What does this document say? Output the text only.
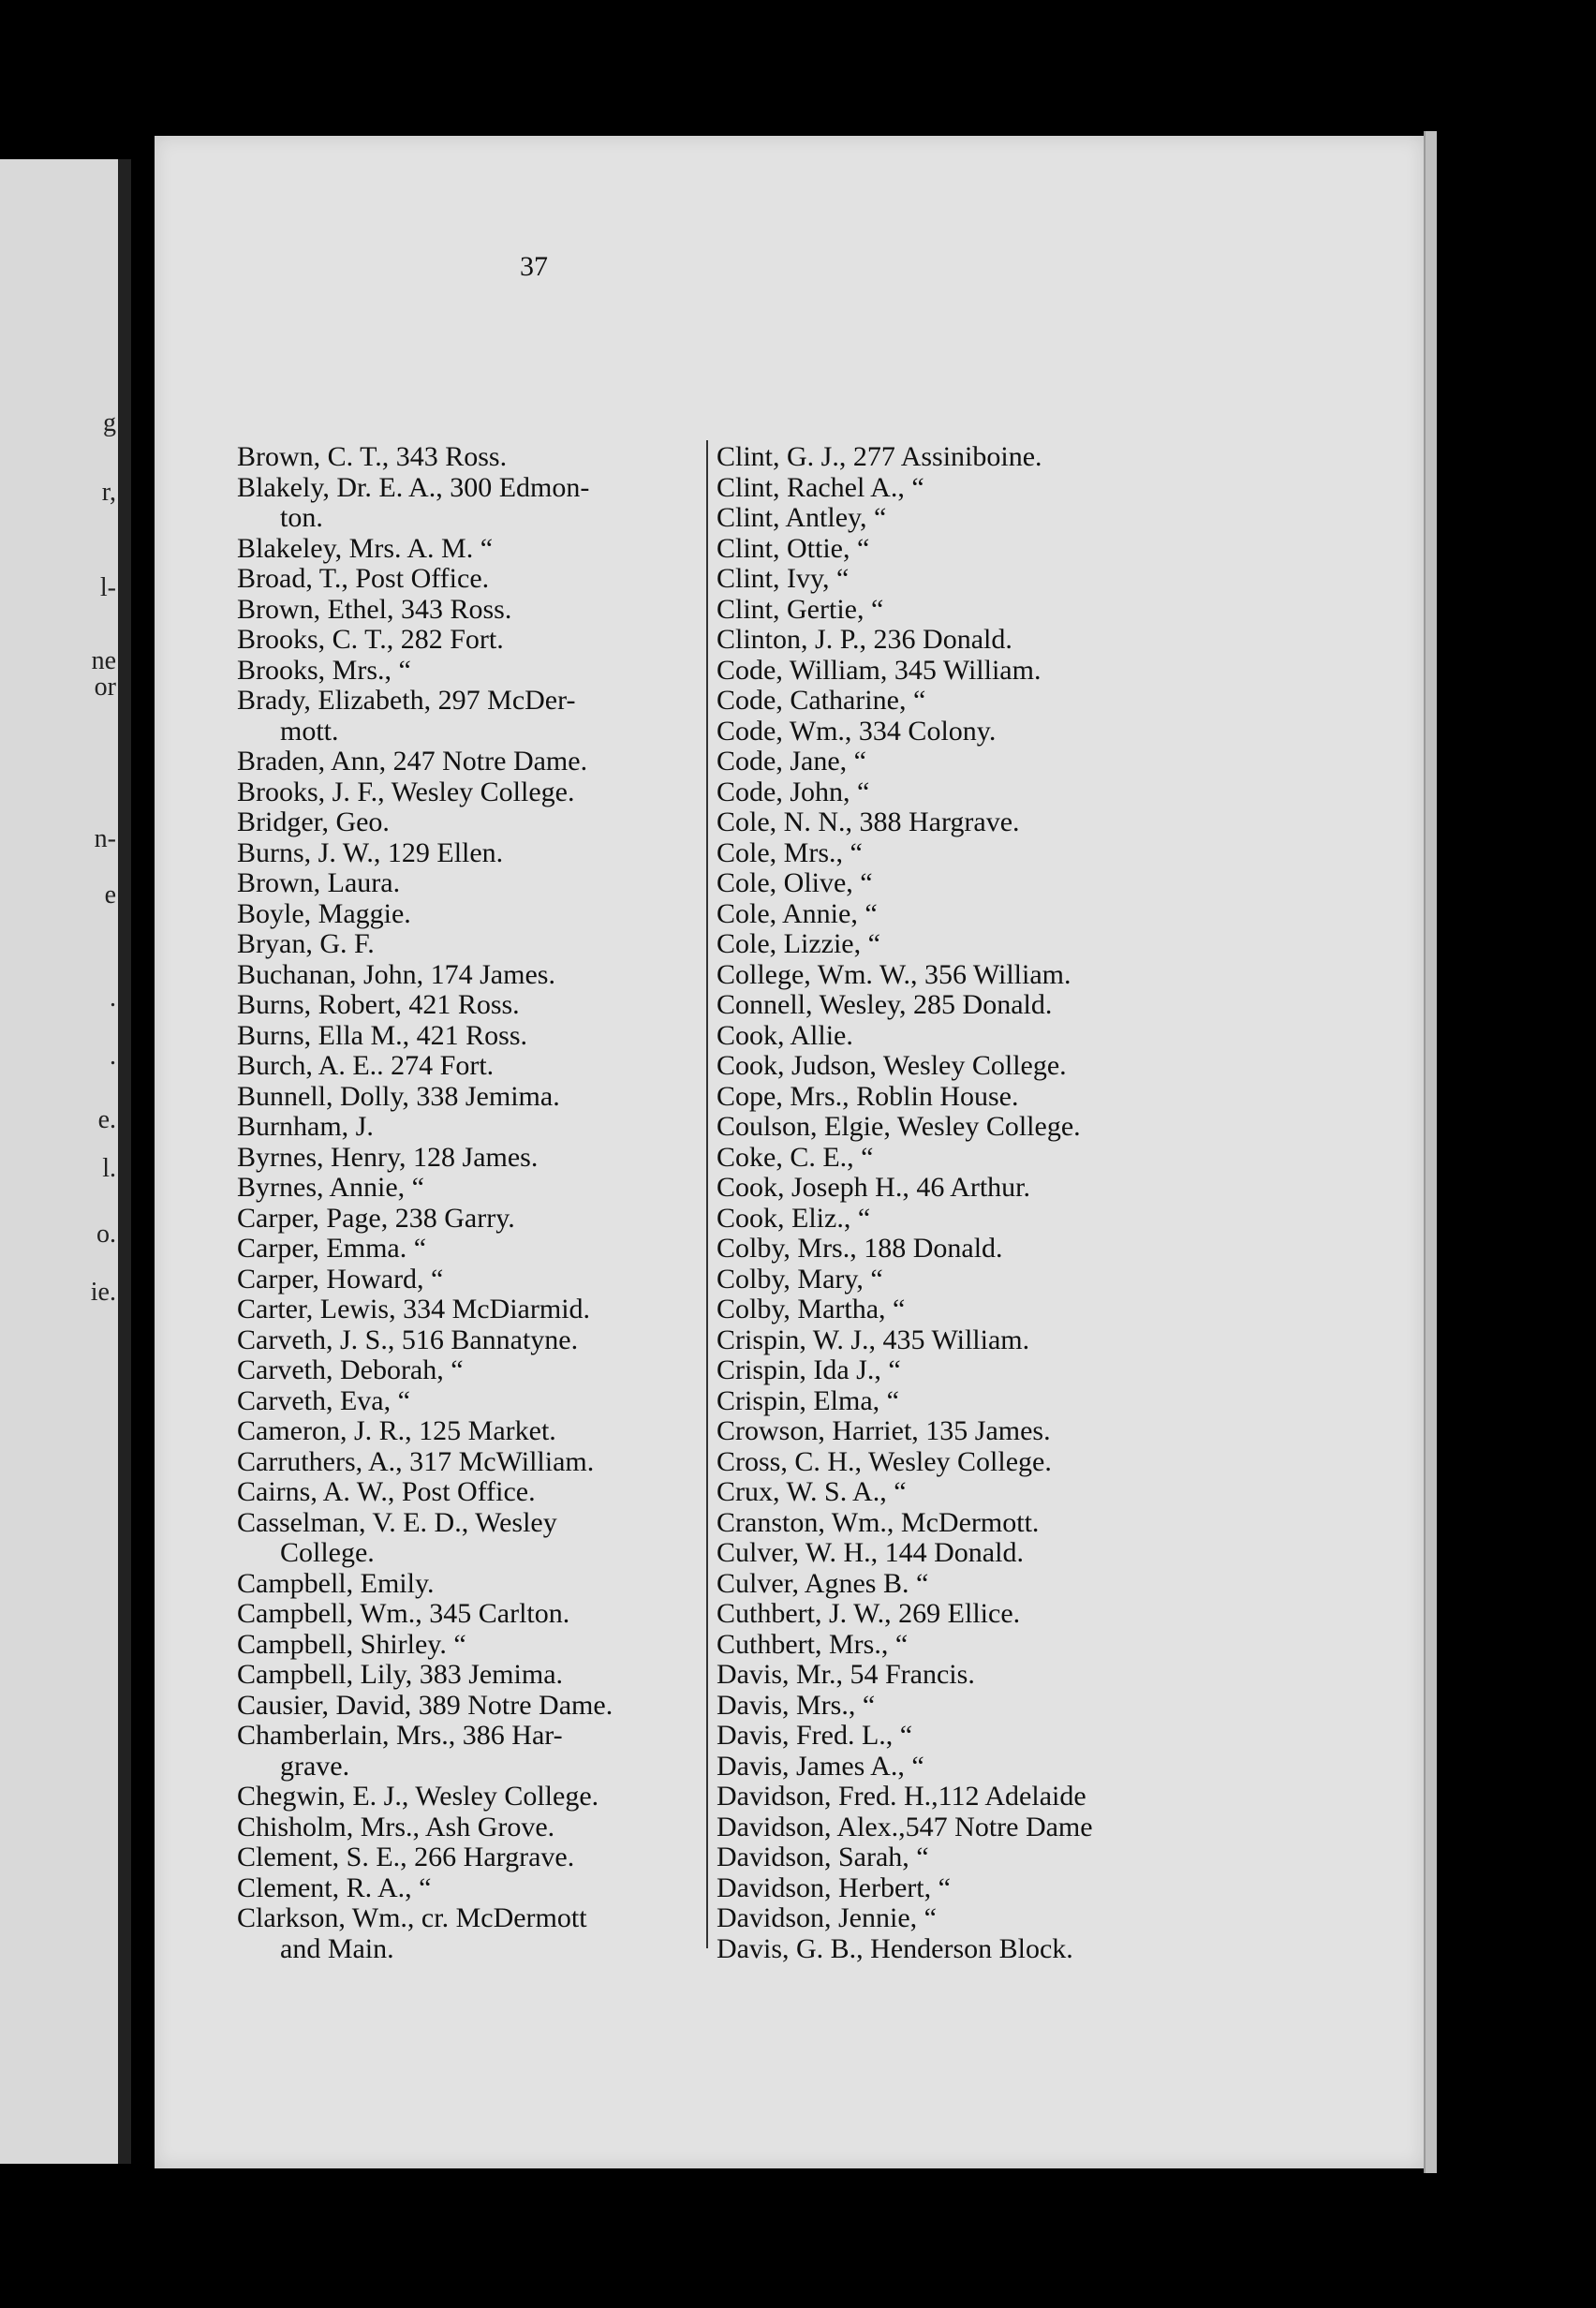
g
r,
l-
ne
or
n-
e
.
.
e.
l.
o.
ie.
37
Brown, C. T., 343 Ross.
Blakely, Dr. E. A., 300 Edmon-
ton.
Blakeley, Mrs. A. M. “
Broad, T., Post Office.
Brown, Ethel, 343 Ross.
Brooks, C. T., 282 Fort.
Brooks, Mrs., “
Brady, Elizabeth, 297 McDer-
mott.
Braden, Ann, 247 Notre Dame.
Brooks, J. F., Wesley College.
Bridger, Geo.
Burns, J. W., 129 Ellen.
Brown, Laura.
Boyle, Maggie.
Bryan, G. F.
Buchanan, John, 174 James.
Burns, Robert, 421 Ross.
Burns, Ella M., 421 Ross.
Burch, A. E.. 274 Fort.
Bunnell, Dolly, 338 Jemima.
Burnham, J.
Byrnes, Henry, 128 James.
Byrnes, Annie, “
Carper, Page, 238 Garry.
Carper, Emma. “
Carper, Howard, “
Carter, Lewis, 334 McDiarmid.
Carveth, J. S., 516 Bannatyne.
Carveth, Deborah, “
Carveth, Eva, “
Cameron, J. R., 125 Market.
Carruthers, A., 317 McWilliam.
Cairns, A. W., Post Office.
Casselman, V. E. D., Wesley
College.
Campbell, Emily.
Campbell, Wm., 345 Carlton.
Campbell, Shirley. “
Campbell, Lily, 383 Jemima.
Causier, David, 389 Notre Dame.
Chamberlain, Mrs., 386 Har-
grave.
Chegwin, E. J., Wesley College.
Chisholm, Mrs., Ash Grove.
Clement, S. E., 266 Hargrave.
Clement, R. A., “
Clarkson, Wm., cr. McDermott
and Main.
Clint, G. J., 277 Assiniboine.
Clint, Rachel A., “
Clint, Antley, “
Clint, Ottie, “
Clint, Ivy, “
Clint, Gertie, “
Clinton, J. P., 236 Donald.
Code, William, 345 William.
Code, Catharine, “
Code, Wm., 334 Colony.
Code, Jane, “
Code, John, “
Cole, N. N., 388 Hargrave.
Cole, Mrs., “
Cole, Olive, “
Cole, Annie, “
Cole, Lizzie, “
College, Wm. W., 356 William.
Connell, Wesley, 285 Donald.
Cook, Allie.
Cook, Judson, Wesley College.
Cope, Mrs., Roblin House.
Coulson, Elgie, Wesley College.
Coke, C. E., “
Cook, Joseph H., 46 Arthur.
Cook, Eliz., “
Colby, Mrs., 188 Donald.
Colby, Mary, “
Colby, Martha, “
Crispin, W. J., 435 William.
Crispin, Ida J., “
Crispin, Elma, “
Crowson, Harriet, 135 James.
Cross, C. H., Wesley College.
Crux, W. S. A., “
Cranston, Wm., McDermott.
Culver, W. H., 144 Donald.
Culver, Agnes B. “
Cuthbert, J. W., 269 Ellice.
Cuthbert, Mrs., “
Davis, Mr., 54 Francis.
Davis, Mrs., “
Davis, Fred. L., “
Davis, James A., “
Davidson, Fred. H.,112 Adelaide
Davidson, Alex.,547 Notre Dame
Davidson, Sarah, “
Davidson, Herbert, “
Davidson, Jennie, “
Davis, G. B., Henderson Block.
